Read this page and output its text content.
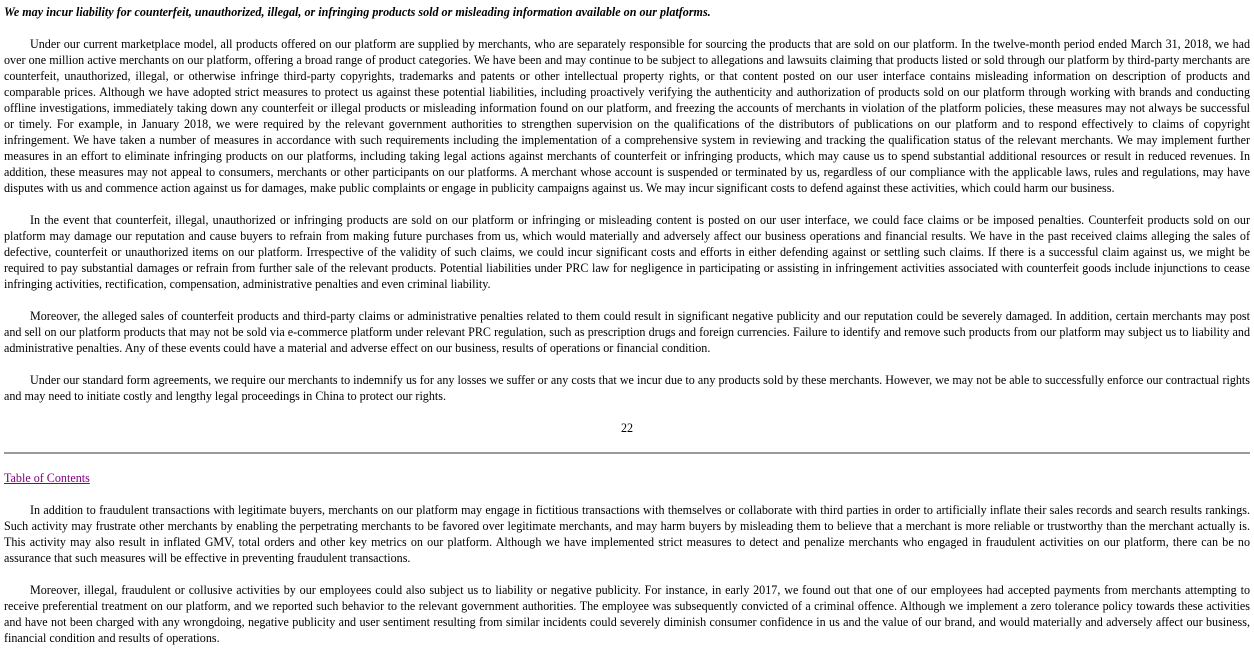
We may incur liability for counterfeit, unauthorized, illegal, or infringing products sold or misleading information available on our platforms.

Under our current marketplace model, all products offered on our platform are supplied by merchants, who are separately responsible for sourcing the products that are sold on our platform. In the twelve-month period ended March 31, 2018, we had over one million active merchants on our platform, offering a broad range of product categories. We have been and may continue to be subject to allegations and lawsuits claiming that products listed or sold through our platform by third-party merchants are counterfeit, unauthorized, illegal, or otherwise infringe third-party copyrights, trademarks and patents or other intellectual property rights, or that content posted on our user interface contains misleading information on description of products and comparable prices. Although we have adopted strict measures to protect us against these potential liabilities, including proactively verifying the authenticity and authorization of products sold on our platform through working with brands and conducting offline investigations, immediately taking down any counterfeit or illegal products or misleading information found on our platform, and freezing the accounts of merchants in violation of the platform policies, these measures may not always be successful or timely. For example, in January 2018, we were required by the relevant government authorities to strengthen supervision on the qualifications of the distributors of publications on our platform and to respond effectively to claims of copyright infringement. We have taken a number of measures in accordance with such requirements including the implementation of a comprehensive system in reviewing and tracking the qualification status of the relevant merchants. We may implement further measures in an effort to eliminate infringing products on our platforms, including taking legal actions against merchants of counterfeit or infringing products, which may cause us to spend substantial additional resources or result in reduced revenues. In addition, these measures may not appeal to consumers, merchants or other participants on our platforms. A merchant whose account is suspended or terminated by us, regardless of our compliance with the applicable laws, rules and regulations, may have disputes with us and commence action against us for damages, make public complaints or engage in publicity campaigns against us. We may incur significant costs to defend against these activities, which could harm our business.

In the event that counterfeit, illegal, unauthorized or infringing products are sold on our platform or infringing or misleading content is posted on our user interface, we could face claims or be imposed penalties. Counterfeit products sold on our platform may damage our reputation and cause buyers to refrain from making future purchases from us, which would materially and adversely affect our business operations and financial results. We have in the past received claims alleging the sales of defective, counterfeit or unauthorized items on our platform. Irrespective of the validity of such claims, we could incur significant costs and efforts in either defending against or settling such claims. If there is a successful claim against us, we might be required to pay substantial damages or refrain from further sale of the relevant products. Potential liabilities under PRC law for negligence in participating or assisting in infringement activities associated with counterfeit goods include injunctions to cease infringing activities, rectification, compensation, administrative penalties and even criminal liability.

Moreover, the alleged sales of counterfeit products and third-party claims or administrative penalties related to them could result in significant negative publicity and our reputation could be severely damaged. In addition, certain merchants may post and sell on our platform products that may not be sold via e-commerce platform under relevant PRC regulation, such as prescription drugs and foreign currencies. Failure to identify and remove such products from our platform may subject us to liability and administrative penalties. Any of these events could have a material and adverse effect on our business, results of operations or financial condition.

Under our standard form agreements, we require our merchants to indemnify us for any losses we suffer or any costs that we incur due to any products sold by these merchants. However, we may not be able to successfully enforce our contractual rights and may need to initiate costly and lengthy legal proceedings in China to protect our rights.

22
Table of Contents

In addition to fraudulent transactions with legitimate buyers, merchants on our platform may engage in fictitious transactions with themselves or collaborate with third parties in order to artificially inflate their sales records and search results rankings. Such activity may frustrate other merchants by enabling the perpetrating merchants to be favored over legitimate merchants, and may harm buyers by misleading them to believe that a merchant is more reliable or trustworthy than the merchant actually is. This activity may also result in inflated GMV, total orders and other key metrics on our platform. Although we have implemented strict measures to detect and penalize merchants who engaged in fraudulent activities on our platform, there can be no assurance that such measures will be effective in preventing fraudulent transactions.

Moreover, illegal, fraudulent or collusive activities by our employees could also subject us to liability or negative publicity. For instance, in early 2017, we found out that one of our employees had accepted payments from merchants attempting to receive preferential treatment on our platform, and we reported such behavior to the relevant government authorities. The employee was subsequently convicted of a criminal offence. Although we implement a zero tolerance policy towards these activities and have not been charged with any wrongdoing, negative publicity and user sentiment resulting from similar incidents could severely diminish consumer confidence in us and the value of our brand, and would materially and adversely affect our business, financial condition and results of operations.
